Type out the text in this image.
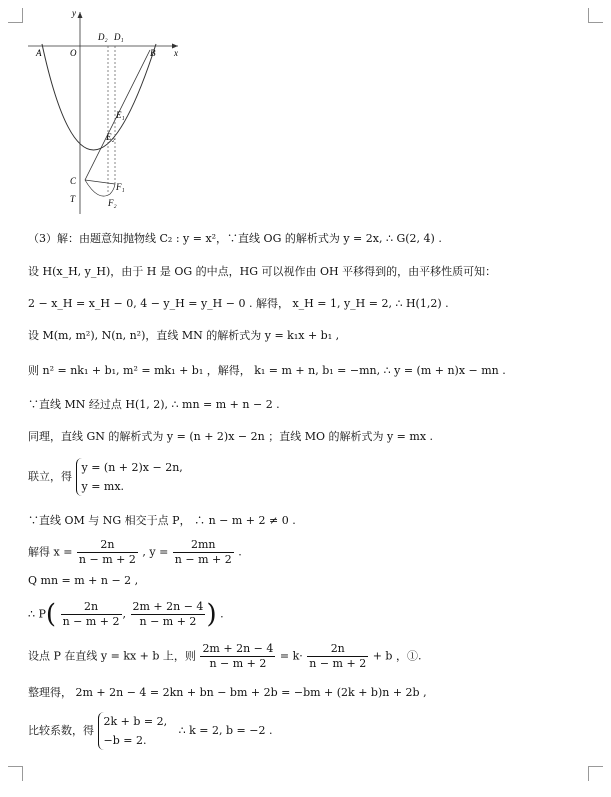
y
x
A	O
D₂ D₁
B
E₁
E₂
C
T
F₁
F₂
（3）解：由题意知抛物线 C₂ : y = x²，∵直线 OG 的解析式为 y = 2x, ∴ G(2, 4) .
设 H(x_H, y_H)，由于 H 是 OG 的中点，HG 可以视作由 OH 平移得到的，由平移性质可知：
2 − x_H = x_H − 0, 4 − y_H = y_H − 0 . 解得， x_H = 1, y_H = 2, ∴ H(1,2) .
设 M(m, m²), N(n, n²)，直线 MN 的解析式为 y = k₁x + b₁ ,
则 n² = nk₁ + b₁, m² = mk₁ + b₁ ，解得， k₁ = m + n, b₁ = −mn, ∴ y = (m + n)x − mn .
∵直线 MN 经过点 H(1, 2), ∴ mn = m + n − 2 .
同理，直线 GN 的解析式为 y = (n + 2)x − 2n ；直线 MO 的解析式为 y = mx .
联立，得
y = (n + 2)x − 2n,
y = mx.
∵直线 OM 与 NG 相交于点 P， ∴ n − m + 2 ≠ 0 .
解得 $x = \frac{2n}{n - m + 2}$ , $y = \frac{2mn}{n - m + 2}$ .
Q mn = m + n − 2 ,
∴ $P( \frac{2n}{n - m + 2}$ , $\frac{2m + 2n - 4}{n - m + 2}$ ) .
设点 P 在直线 y = kx + b 上，则 $\frac{2m + 2n - 4}{n - m + 2} = k\cdot \frac{2n}{n - m + 2} + b$ ，①.
整理得， 2m + 2n − 4 = 2kn + bn − bm + 2b = −bm + (2k + b)n + 2b ,
比较系数，得
2k + b = 2,
−b = 2.
∴ k = 2, b = −2 .
